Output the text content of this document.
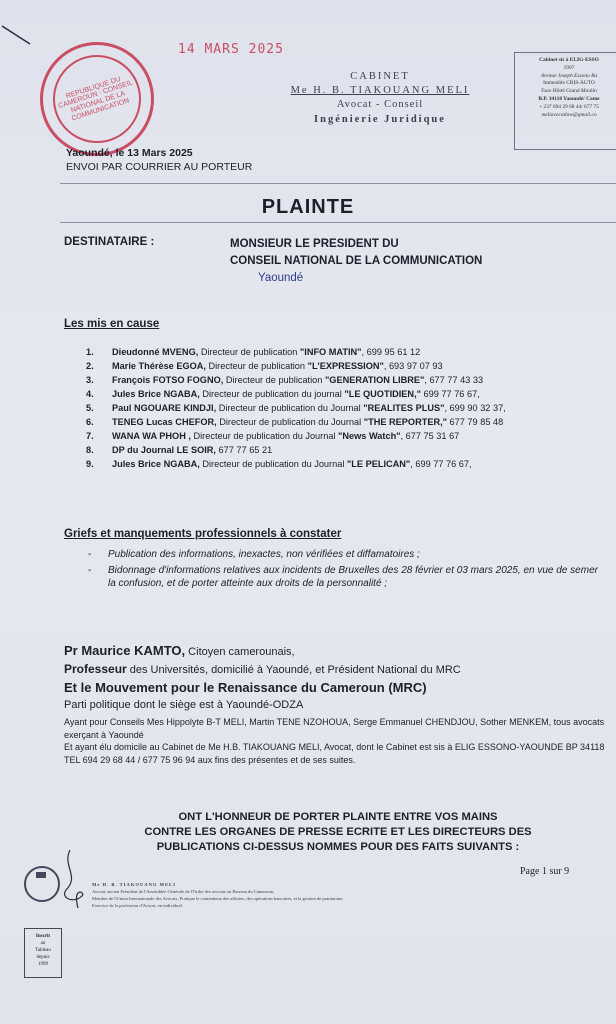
REPUBLIQUE DU CAMEROUN · CONSEIL NATIONAL DE LA COMMUNICATION
14 MARS 2025
CABINET
Me H. B. TIAKOUANG MELI
Avocat - Conseil
Ingénierie Juridique
Cabinet sis à ELIG-ESSO
1997
Avenue Joseph Essono Ba
Immeuble CRIS-AUTO
Face Hôtel Grand Moulin
B.P. 34118 Yaoundé/ Came
+ 237 694 29 68 44/ 677 75
meliavocatlaw@gmail.co
Yaoundé, le 13 Mars 2025
ENVOI PAR COURRIER AU PORTEUR
PLAINTE
DESTINATAIRE :	MONSIEUR LE PRESIDENT DU
CONSEIL NATIONAL DE LA COMMUNICATION
Yaoundé
Les mis en cause
1.	Dieudonné MVENG, Directeur de publication "INFO MATIN", 699 95 61 12
2.	Marie Thérèse EGOA, Directeur de publication "L'EXPRESSION", 693 97 07 93
3.	François FOTSO FOGNO, Directeur de publication "GENERATION LIBRE", 677 77 43 33
4.	Jules Brice NGABA, Directeur de publication du journal "LE QUOTIDIEN," 699 77 76 67,
5.	Paul NGOUARE KINDJI, Directeur de publication du Journal "REALITES PLUS", 699 90 32 37,
6.	TENEG Lucas CHEFOR, Directeur de publication du Journal "THE REPORTER," 677 79 85 48
7.	WANA WA PHOH , Directeur de publication du Journal "News Watch", 677 75 31 67
8.	DP du Journal LE SOIR, 677 77 65 21
9.	Jules Brice NGABA, Directeur de publication du Journal "LE PELICAN", 699 77 76 67,
Griefs et manquements professionnels à constater
-	Publication des informations, inexactes, non vérifiées et diffamatoires ;
-	Bidonnage d'informations relatives aux incidents de Bruxelles des 28 février et 03 mars 2025, en vue de semer la confusion, et de porter atteinte aux droits de la personnalité ;
Pr Maurice KAMTO, Citoyen camerounais,
Professeur des Universités, domicilié à Yaoundé, et Président National du MRC
Et le Mouvement pour le Renaissance du Cameroun (MRC)
Parti politique dont le siège est à Yaoundé-ODZA
Ayant pour Conseils Mes Hippolyte B-T MELI, Martin TENE NZOHOUA, Serge Emmanuel CHENDJOU, Sother MENKEM, tous avocats exerçant à Yaoundé
Et ayant élu domicile au Cabinet de Me H.B. TIAKOUANG MELI, Avocat, dont le Cabinet est sis à ELIG ESSONO-YAOUNDE BP 34118 TEL 694 29 68 44 / 677 75 96 94 aux fins des présentes et de ses suites.
ONT L'HONNEUR DE PORTER PLAINTE ENTRE VOS MAINS
CONTRE LES ORGANES DE PRESSE ECRITE ET LES DIRECTEURS DES
PUBLICATIONS CI-DESSUS NOMMES POUR DES FAITS SUIVANTS :
Page 1 sur 9
Me H. B. TIAKOUANG MELI
Avocat, ancien Président de l'Assemblée Générale de l'Ordre des avocats au Barreau du Cameroun,
Membre de l'Union Internationale des Avocats, Pratique le contentieux des affaires, des opérations bancaires, et la gestion de patrimoine,
Exercice de la profession d'Avocat, en individuel.
Inscrit
au
Tableau
depuis
1999
